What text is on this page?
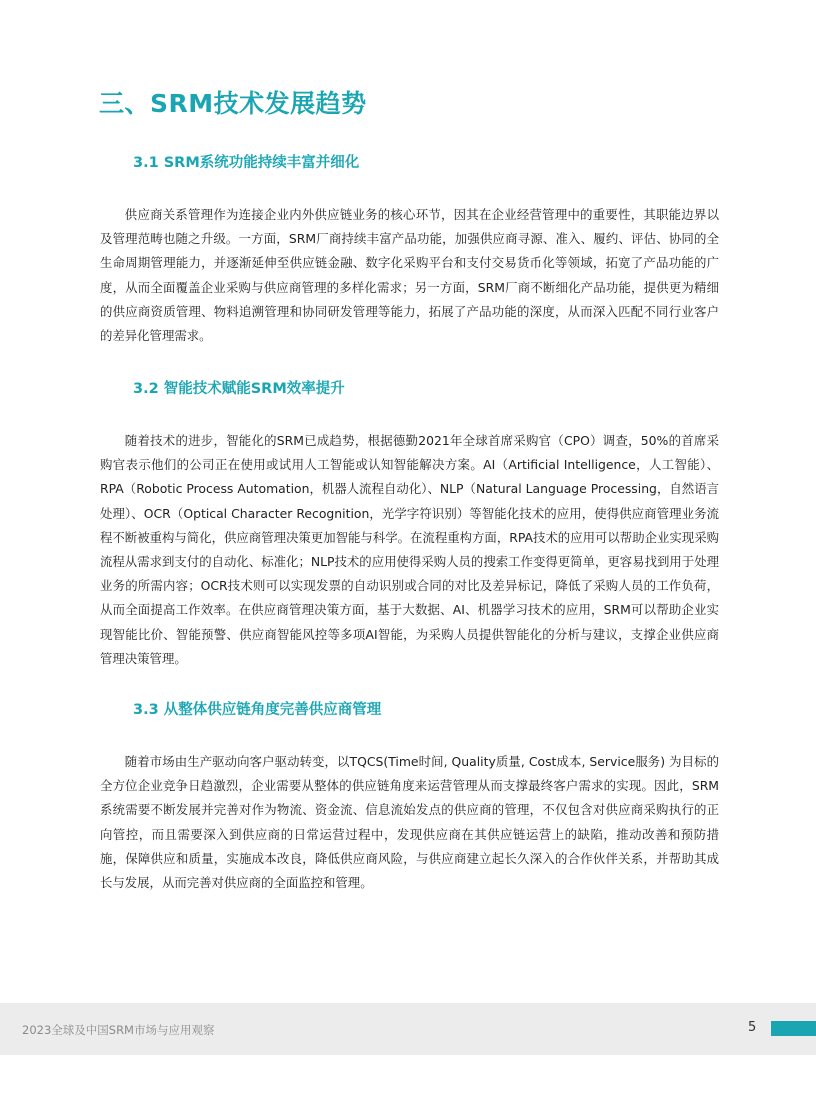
三、SRM技术发展趋势
3.1 SRM系统功能持续丰富并细化

供应商关系管理作为连接企业内外供应链业务的核心环节，因其在企业经营管理中的重要性，其职能边界以及管理范畴也随之升级。一方面，SRM厂商持续丰富产品功能，加强供应商寻源、准入、履约、评估、协同的全生命周期管理能力，并逐渐延伸至供应链金融、数字化采购平台和支付交易货币化等领域，拓宽了产品功能的广度，从而全面覆盖企业采购与供应商管理的多样化需求；另一方面，SRM厂商不断细化产品功能，提供更为精细的供应商资质管理、物料追溯管理和协同研发管理等能力，拓展了产品功能的深度，从而深入匹配不同行业客户的差异化管理需求。

3.2 智能技术赋能SRM效率提升

随着技术的进步，智能化的SRM已成趋势，根据德勤2021年全球首席采购官（CPO）调查，50%的首席采购官表示他们的公司正在使用或试用人工智能或认知智能解决方案。AI（Artificial Intelligence，人工智能）、RPA（Robotic Process Automation，机器人流程自动化）、NLP（Natural Language Processing，自然语言处理）、OCR（Optical Character Recognition，光学字符识别）等智能化技术的应用，使得供应商管理业务流程不断被重构与简化，供应商管理决策更加智能与科学。在流程重构方面，RPA技术的应用可以帮助企业实现采购流程从需求到支付的自动化、标准化；NLP技术的应用使得采购人员的搜索工作变得更简单，更容易找到用于处理业务的所需内容；OCR技术则可以实现发票的自动识别或合同的对比及差异标记，降低了采购人员的工作负荷，从而全面提高工作效率。在供应商管理决策方面，基于大数据、AI、机器学习技术的应用，SRM可以帮助企业实现智能比价、智能预警、供应商智能风控等多项AI智能，为采购人员提供智能化的分析与建议，支撑企业供应商管理决策管理。

3.3 从整体供应链角度完善供应商管理

随着市场由生产驱动向客户驱动转变，以TQCS(Time时间, Quality质量, Cost成本, Service服务) 为目标的全方位企业竞争日趋激烈，企业需要从整体的供应链角度来运营管理从而支撑最终客户需求的实现。因此，SRM系统需要不断发展并完善对作为物流、资金流、信息流始发点的供应商的管理，不仅包含对供应商采购执行的正向管控，而且需要深入到供应商的日常运营过程中，发现供应商在其供应链运营上的缺陷，推动改善和预防措施，保障供应和质量，实施成本改良，降低供应商风险，与供应商建立起长久深入的合作伙伴关系，并帮助其成长与发展，从而完善对供应商的全面监控和管理。

2023全球及中国SRM市场与应用观察	5
